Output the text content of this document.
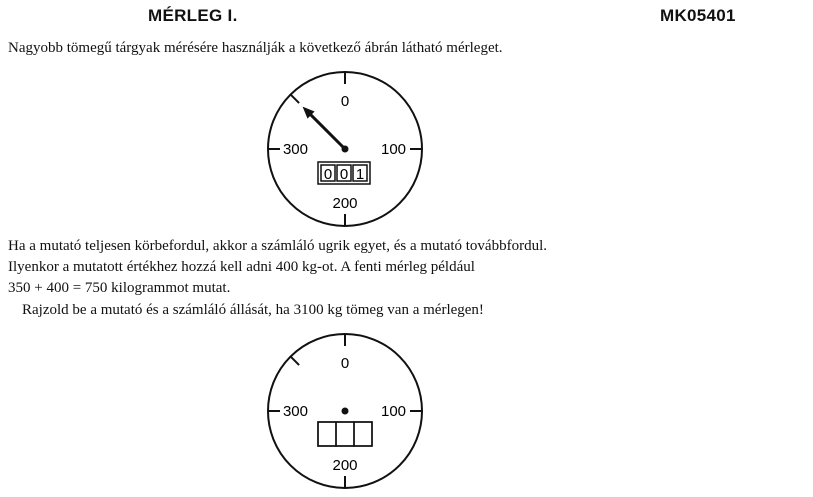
MÉRLEG I.	MK05401
Nagyobb tömegű tárgyak mérésére használják a következő ábrán látható mérleget.
0
100
200
300
0 0 1
0
100
200
300
Ha a mutató teljesen körbefordul, akkor a számláló ugrik egyet, és a mutató továbbfordul.
Ilyenkor a mutatott értékhez hozzá kell adni 400 kg-ot. A fenti mérleg például
350 + 400 = 750 kilogrammot mutat.
Rajzold be a mutató és a számláló állását, ha 3100 kg tömeg van a mérlegen!
